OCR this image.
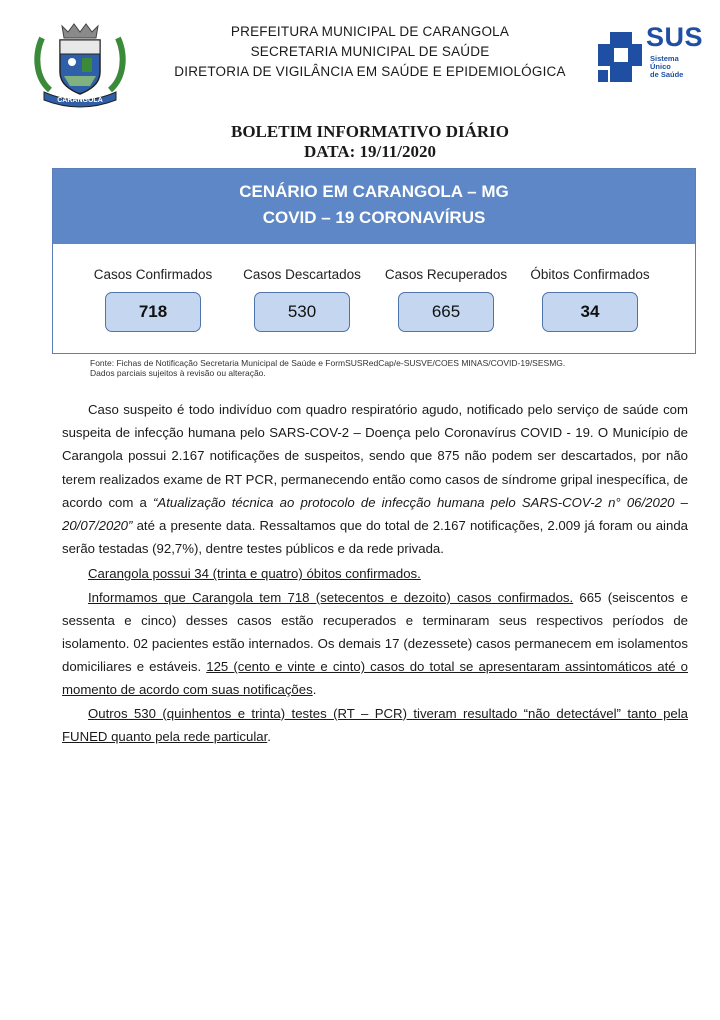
CARANGOLA
PREFEITURA MUNICIPAL DE CARANGOLA
SECRETARIA MUNICIPAL DE SAÚDE
DIRETORIA DE VIGILÂNCIA EM SAÚDE E EPIDEMIOLÓGICA
SUS
Sistema
Único
de Saúde
BOLETIM INFORMATIVO DIÁRIO
DATA: 19/11/2020
CENÁRIO EM CARANGOLA – MG
COVID – 19 CORONAVÍRUS
Casos Confirmados
718
Casos Descartados
530
Casos Recuperados
665
Óbitos Confirmados
34
Fonte: Fichas de Notificação Secretaria Municipal de Saúde e FormSUSRedCap/e-SUSVE/COES MINAS/COVID-19/SESMG.
Dados parciais sujeitos à revisão ou alteração.

Caso suspeito é todo indivíduo com quadro respiratório agudo, notificado pelo serviço de saúde com suspeita de infecção humana pelo SARS-COV-2 – Doença pelo Coronavírus COVID - 19. O Município de Carangola possui 2.167 notificações de suspeitos, sendo que 875 não podem ser descartados, por não terem realizados exame de RT PCR, permanecendo então como casos de síndrome gripal inespecífica, de acordo com a “Atualização técnica ao protocolo de infecção humana pelo SARS-COV-2 n° 06/2020 – 20/07/2020” até a presente data. Ressaltamos que do total de 2.167 notificações, 2.009 já foram ou ainda serão testadas (92,7%), dentre testes públicos e da rede privada.

Carangola possui 34 (trinta e quatro) óbitos confirmados.

Informamos que Carangola tem 718 (setecentos e dezoito) casos confirmados. 665 (seiscentos e sessenta e cinco) desses casos estão recuperados e terminaram seus respectivos períodos de isolamento. 02 pacientes estão internados. Os demais 17 (dezessete) casos permanecem em isolamentos domiciliares e estáveis. 125 (cento e vinte e cinto) casos do total se apresentaram assintomáticos até o momento de acordo com suas notificações.

Outros 530 (quinhentos e trinta) testes (RT – PCR) tiveram resultado “não detectável” tanto pela FUNED quanto pela rede particular.
